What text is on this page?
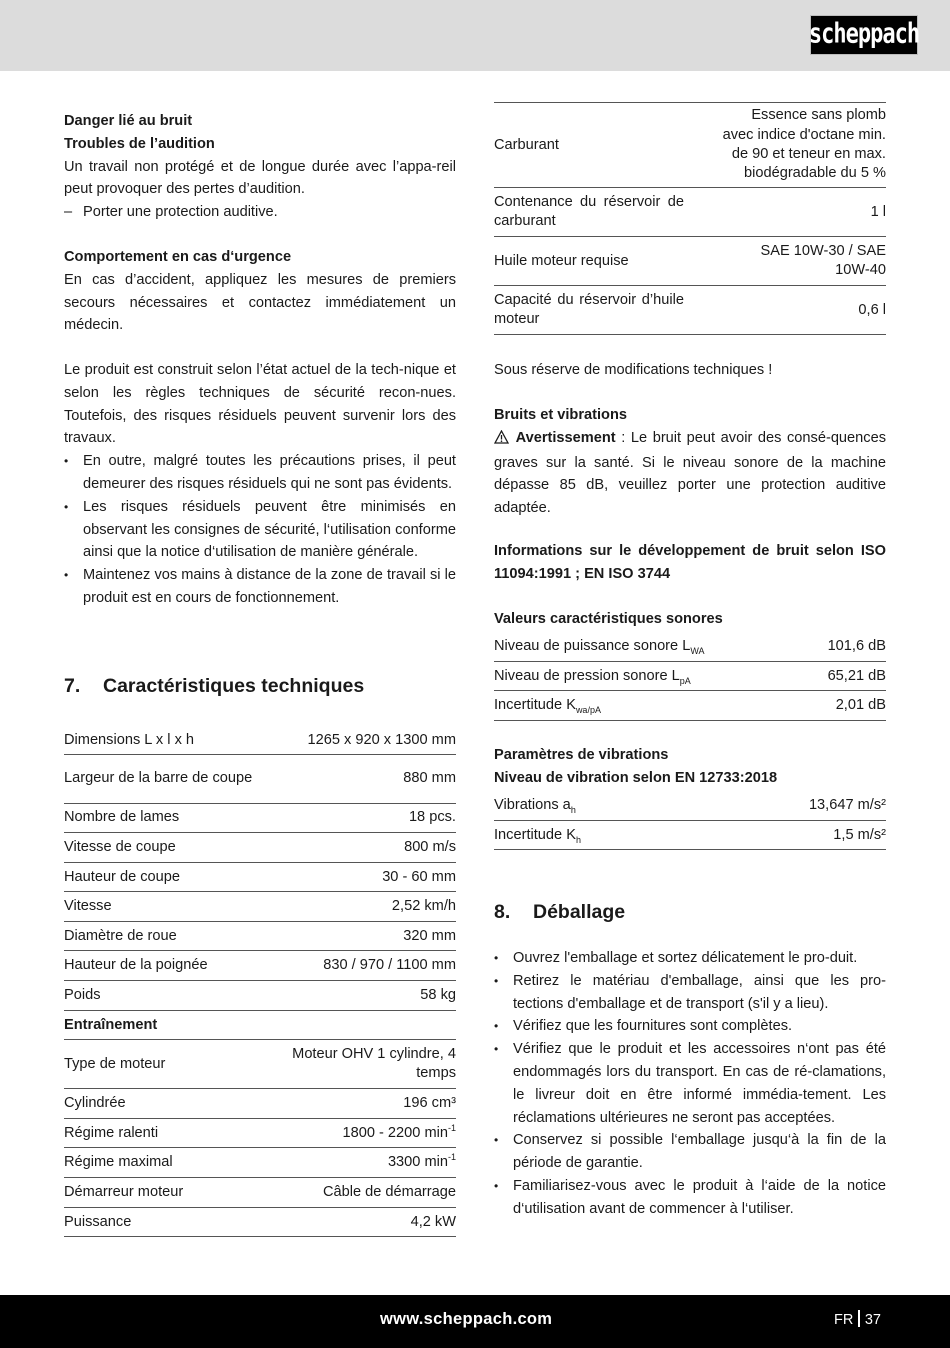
scheppach

Danger lié au bruit

Troubles de l’audition

Un travail non protégé et de longue durée avec l’appa-reil peut provoquer des pertes d’audition.

– Porter une protection auditive.

Comportement en cas d‘urgence

En cas d’accident, appliquez les mesures de premiers secours nécessaires et contactez immédiatement un médecin.

Le produit est construit selon l’état actuel de la tech-nique et selon les règles techniques de sécurité recon-nues. Toutefois, des risques résiduels peuvent survenir lors des travaux.

• En outre, malgré toutes les précautions prises, il peut demeurer des risques résiduels qui ne sont pas évidents.
• Les risques résiduels peuvent être minimisés en observant les consignes de sécurité, l‘utilisation conforme ainsi que la notice d‘utilisation de manière générale.
• Maintenez vos mains à distance de la zone de travail si le produit est en cours de fonctionnement.
7.	Caractéristiques techniques
Dimensions L x l x h	1265 x 920 x 1300 mm

Largeur de la barre de coupe	880 mm
Nombre de lames	18 pcs.
Vitesse de coupe	800 m/s
Hauteur de coupe	30 - 60 mm
Vitesse	2,52 km/h
Diamètre de roue	320 mm
Hauteur de la poignée	830 / 970 / 1100 mm
Poids	58 kg
Entraînement	
Type de moteur	Moteur OHV 1 cylindre, 4 temps
Cylindrée	196 cm³
Régime ralenti	1800 - 2200 $\min^{-1}$
Régime maximal	3300 $\min^{-1}$
Démarreur moteur	Câble de démarrage
Puissance	4,2 kW
Carburant	Essence sans plomb
avec indice d'octane min.
de 90 et teneur en max.
biodégradable du 5 %

Contenance du réservoir de carburant	1 l
Huile moteur requise	SAE 10W-30 / SAE
10W-40

Capacité du réservoir d’huile moteur	0,6 l

Sous réserve de modifications techniques !

Bruits et vibrations

Avertissement : Le bruit peut avoir des consé-quences graves sur la santé. Si le niveau sonore de la machine dépasse 85 dB, veuillez porter une protection auditive adaptée.

Informations sur le développement de bruit selon ISO 11094:1991 ; EN ISO 3744

Valeurs caractéristiques sonores

Niveau de puissance sonore $L_{WA}$	101,6 dB
Niveau de pression sonore $L_{pA}$	65,21 dB
Incertitude $K_{wa/pA}$	2,01 dB

Paramètres de vibrations

Niveau de vibration selon EN 12733:2018

Vibrations $a_h$	13,647 m/s²
Incertitude $K_h$	1,5 m/s²
8.	Déballage
• Ouvrez l'emballage et sortez délicatement le pro-duit.
• Retirez le matériau d'emballage, ainsi que les pro-tections d'emballage et de transport (s'il y a lieu).
• Vérifiez que les fournitures sont complètes.
• Vérifiez que le produit et les accessoires n‘ont pas été endommagés lors du transport. En cas de ré-clamations, le livreur doit en être informé immédia-tement. Les réclamations ultérieures ne seront pas acceptées.
• Conservez si possible l‘emballage jusqu‘à la fin de la période de garantie.
• Familiarisez-vous avec le produit à l‘aide de la notice d‘utilisation avant de commencer à l‘utiliser.
www.scheppach.com	FR 37
